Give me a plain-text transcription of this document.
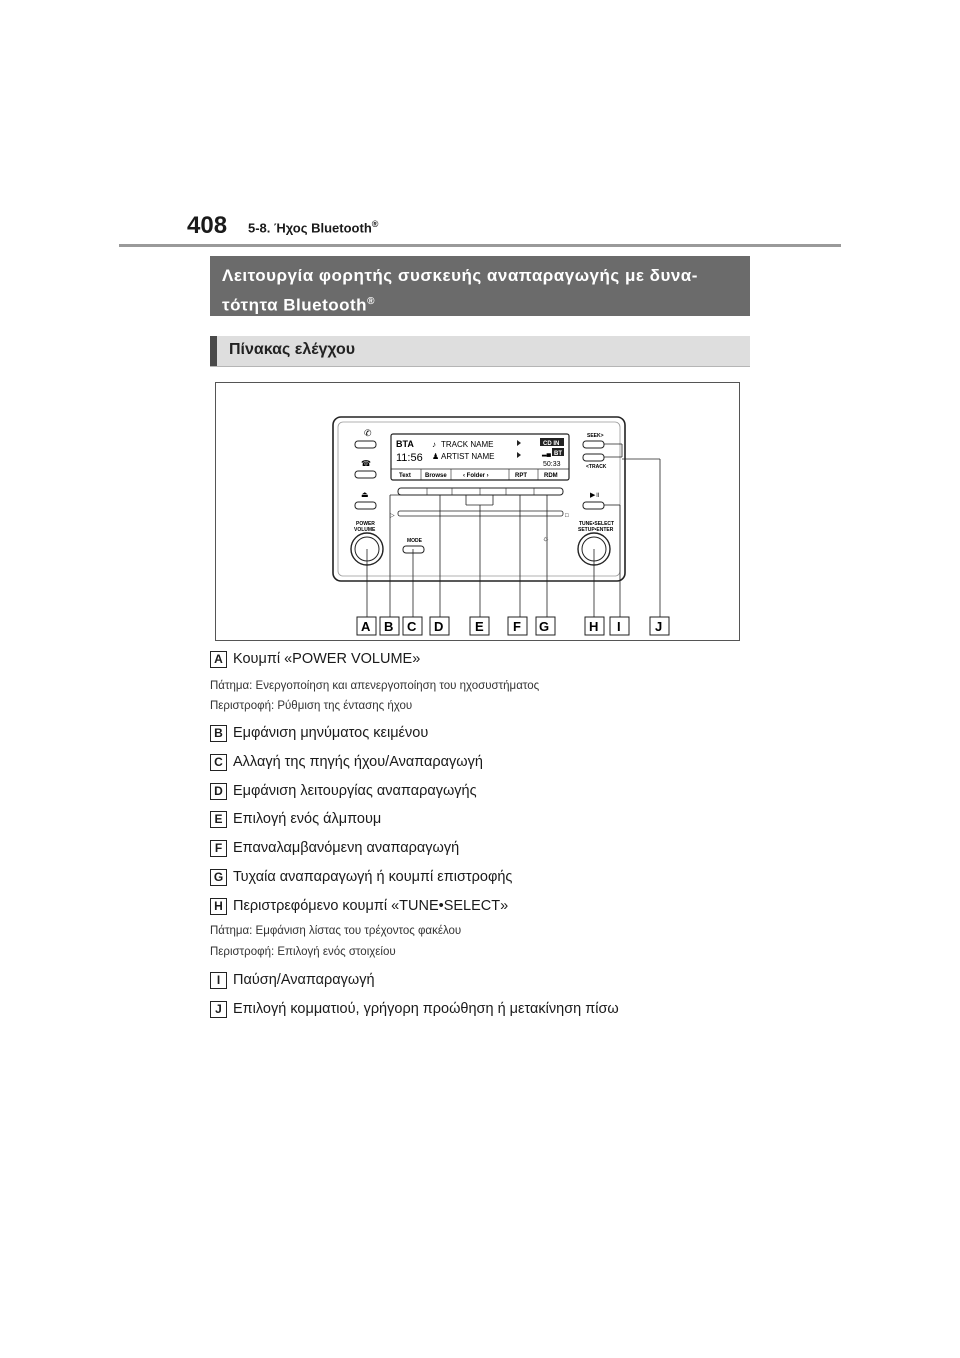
408 5-8. Ήχος Bluetooth®
Λειτουργία φορητής συσκευής αναπαραγωγής με δυνα-
τότητα Bluetooth®
Πίνακας ελέγχου
BTA
11:56
♪ TRACK NAME
♟ ARTIST NAME
CD IN
BT
▂▄
50:33
Text Browse	‹ Folder ›	RPT	RDM
▷	□
✆
☎
⏏
POWER
VOLUME
MODE	☼
SEEK>
<TRACK
▶॥
TUNE•SELECT
SETUP•ENTER
A B C D E F G	H I	J
A Κουμπί «POWER VOLUME»
Πάτημα: Ενεργοποίηση και απενεργοποίηση του ηχοσυστήματος
Περιστροφή: Ρύθμιση της έντασης ήχου
B Εμφάνιση μηνύματος κειμένου
C Αλλαγή της πηγής ήχου/Αναπαραγωγή
D Εμφάνιση λειτουργίας αναπαραγωγής
E Επιλογή ενός άλμπουμ
F Επαναλαμβανόμενη αναπαραγωγή
G Τυχαία αναπαραγωγή ή κουμπί επιστροφής
H Περιστρεφόμενο κουμπί «TUNE•SELECT»
Πάτημα: Εμφάνιση λίστας του τρέχοντος φακέλου
Περιστροφή: Επιλογή ενός στοιχείου
I Παύση/Αναπαραγωγή
J Επιλογή κομματιού, γρήγορη προώθηση ή μετακίνηση πίσω
